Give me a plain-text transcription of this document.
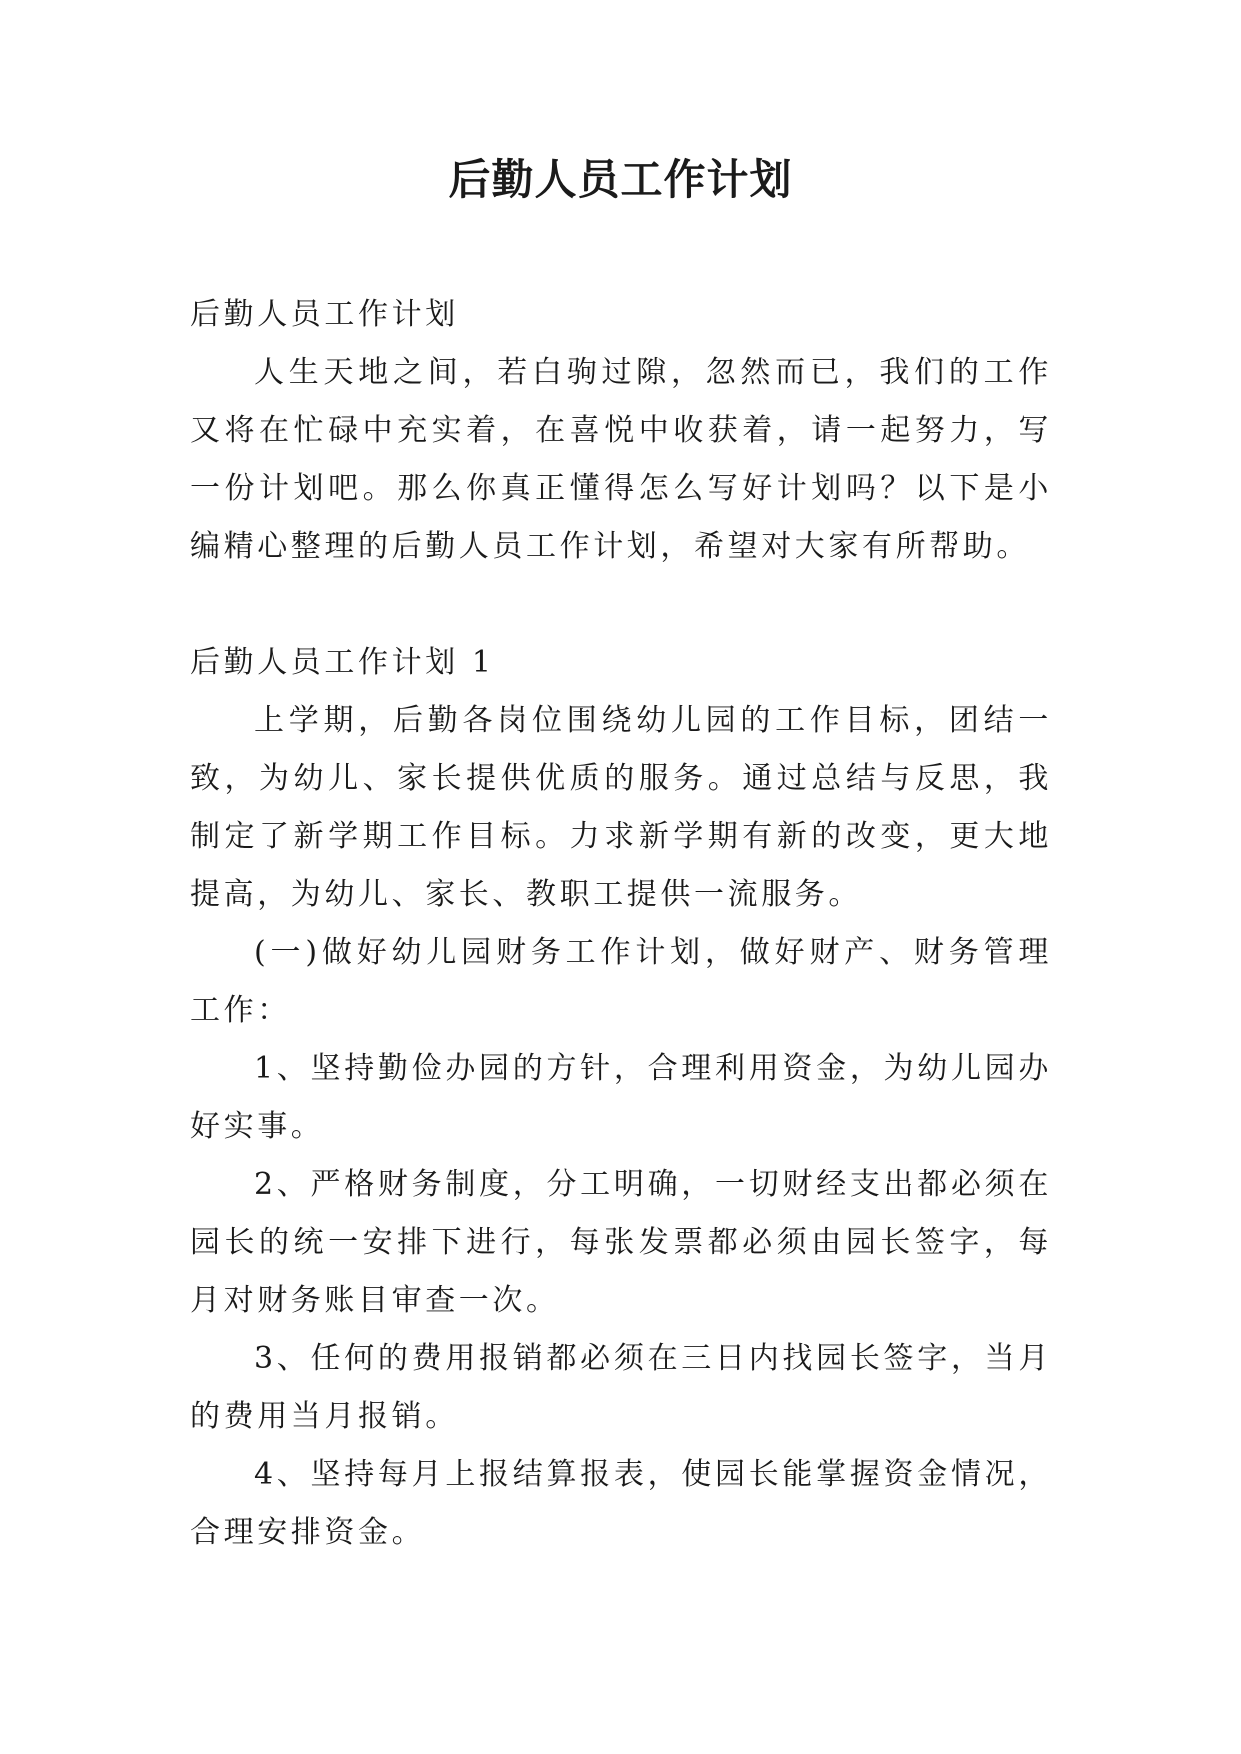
后勤人员工作计划

后勤人员工作计划

人生天地之间，若白驹过隙，忽然而已，我们的工作又将在忙碌中充实着，在喜悦中收获着，请一起努力，写一份计划吧。那么你真正懂得怎么写好计划吗？以下是小编精心整理的后勤人员工作计划，希望对大家有所帮助。

后勤人员工作计划 1

上学期，后勤各岗位围绕幼儿园的工作目标，团结一致，为幼儿、家长提供优质的服务。通过总结与反思，我制定了新学期工作目标。力求新学期有新的改变，更大地提高，为幼儿、家长、教职工提供一流服务。

(一)做好幼儿园财务工作计划，做好财产、财务管理工作：

1、坚持勤俭办园的方针，合理利用资金，为幼儿园办好实事。

2、严格财务制度，分工明确，一切财经支出都必须在园长的统一安排下进行，每张发票都必须由园长签字，每月对财务账目审查一次。

3、任何的费用报销都必须在三日内找园长签字，当月的费用当月报销。

4、坚持每月上报结算报表，使园长能掌握资金情况，合理安排资金。
